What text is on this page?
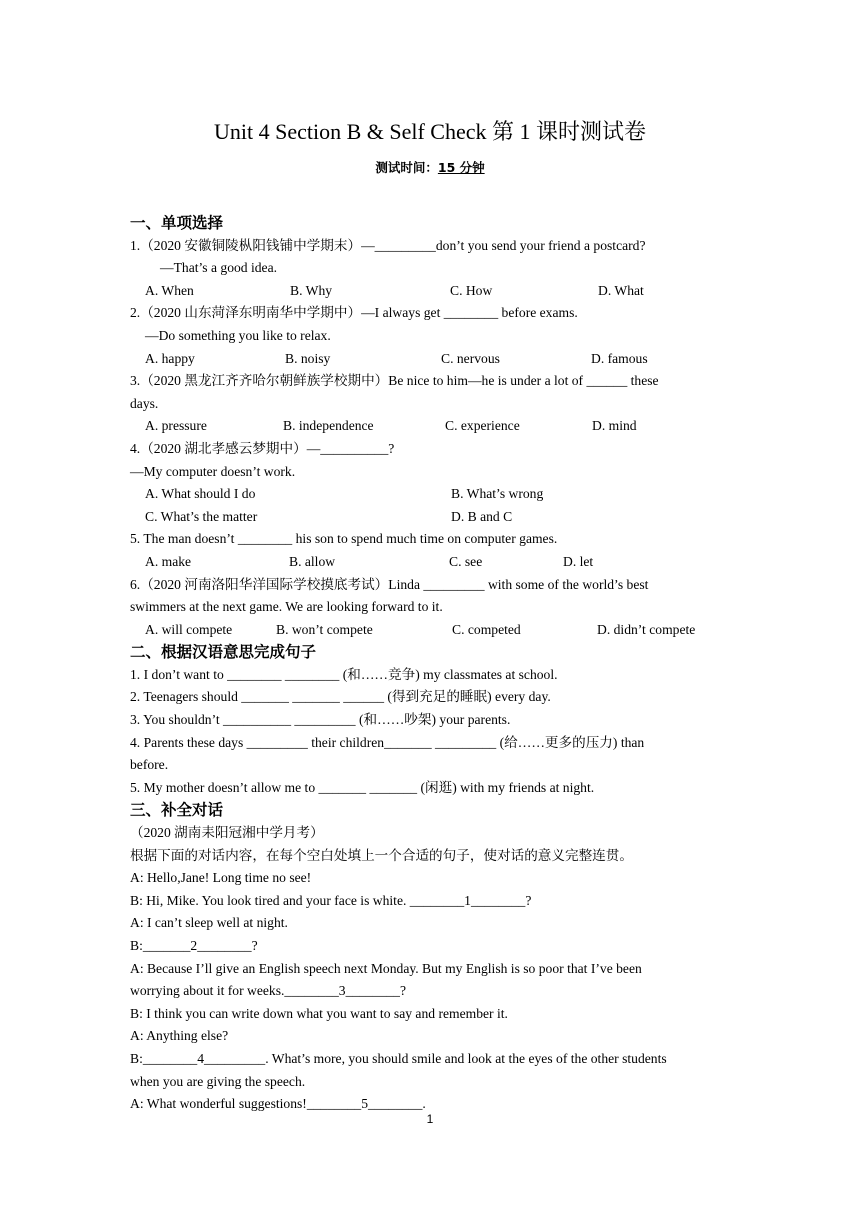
Unit 4 Section B & Self Check 第 1 课时测试卷
测试时间：15 分钟
一、单项选择
1.（2020 安徽铜陵枞阳钱铺中学期末）—_________don’t you send your friend a postcard?
—That’s a good idea.
A. When	B. Why	C. How	D. What
2.（2020 山东菏泽东明南华中学期中）—I always get ________ before exams.
—Do something you like to relax.
A. happy	B. noisy	C. nervous	D. famous
3.（2020 黑龙江齐齐哈尔朝鲜族学校期中）Be nice to him—he is under a lot of ______ these
days.
A. pressure	B. independence	C. experience	D. mind
4.（2020 湖北孝感云梦期中）—__________?
—My computer doesn’t work.
A. What should I do	B. What’s wrong
C. What’s the matter	D. B and C
5. The man doesn’t ________ his son to spend much time on computer games.
A. make	B. allow	C. see	D. let
6.（2020 河南洛阳华洋国际学校摸底考试）Linda _________ with some of the world’s best
swimmers at the next game. We are looking forward to it.
A. will compete	B. won’t compete	C. competed	D. didn’t compete
二、根据汉语意思完成句子
1. I don’t want to ________ ________ (和……竞争) my classmates at school.
2. Teenagers should _______ _______ ______ (得到充足的睡眠) every day.
3. You shouldn’t __________ _________ (和……吵架) your parents.
4. Parents these days _________ their children_______ _________ (给……更多的压力) than
before.
5. My mother doesn’t allow me to _______ _______ (闲逛) with my friends at night.
三、补全对话
（2020 湖南耒阳冠湘中学月考）
根据下面的对话内容，在每个空白处填上一个合适的句子，使对话的意义完整连贯。
A: Hello,Jane! Long time no see!
B: Hi, Mike. You look tired and your face is white. ________1________?
A: I can’t sleep well at night.
B:_______2________?
A: Because I’ll give an English speech next Monday. But my English is so poor that I’ve been
worrying about it for weeks.________3________?
B: I think you can write down what you want to say and remember it.
A: Anything else?
B:________4_________. What’s more, you should smile and look at the eyes of the other students
when you are giving the speech.
A: What wonderful suggestions!________5________.
1
